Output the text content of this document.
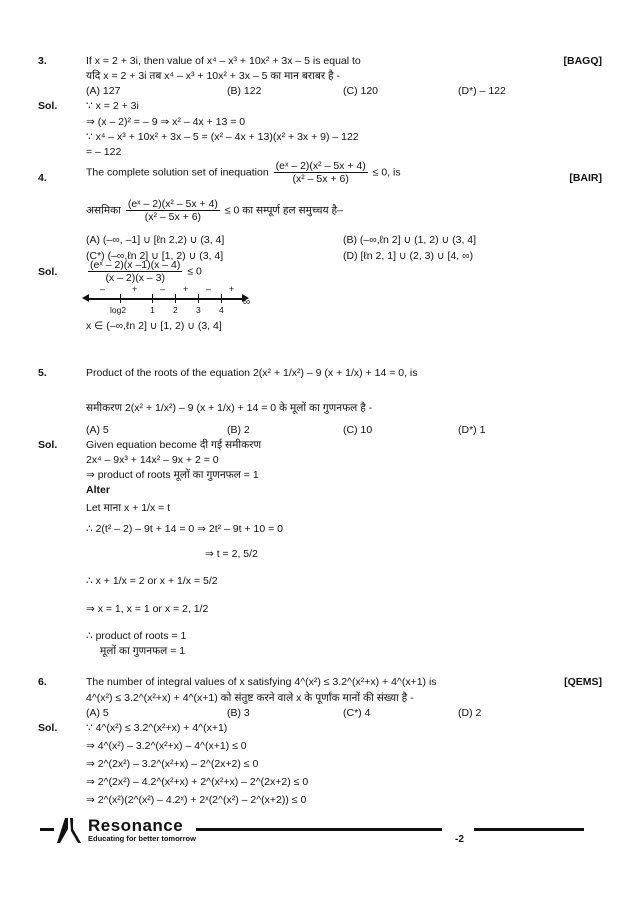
3.	If x = 2 + 3i, then value of x⁴ – x³ + 10x² + 3x – 5 is equal to	[BAGQ]
यदि x = 2 + 3i तब x⁴ – x³ + 10x² + 3x – 5 का मान बराबर है -
(A) 127	(B) 122	(C) 120	(D*) – 122
Sol.	∵ x = 2 + 3i
⇒ (x – 2)² = – 9 ⇒ x² – 4x + 13 = 0
∵ x⁴ – x³ + 10x² + 3x – 5 = (x² – 4x + 13)(x² + 3x + 9) – 122
= – 122
4.	The complete solution set of inequation $\frac{\text{(eˣ – 2)(x² – 5x + 4)}}{\text{(x² – 5x + 6)}} \le 0$, is	[BAIR]
असमिका $\frac{\text{(eˣ – 2)(x² – 5x + 4)}}{\text{(x² – 5x + 6)}} \le 0$ का सम्पूर्ण हल समुच्चय है–
(A) (–∞, –1] ∪ [ℓn 2,2) ∪ (3, 4]	(B) (–∞,ℓn 2] ∪ (1, 2) ∪ (3, 4]
(C*) (–∞,ℓn 2] ∪ [1, 2) ∪ (3, 4]	(D) [ℓn 2, 1] ∪ (2, 3) ∪ [4, ∞)
Sol.	$\frac{\text{(eˣ – 2)(x –1)(x – 4)}}{(x - 2)(x - 3)} \le 0$
log2	1 2 3 4
∞
–	+	– + – +
x ∈ (–∞,ℓn 2] ∪ [1, 2) ∪ (3, 4]
5.	Product of the roots of the equation 2(x² + 1/x²) – 9 (x + 1/x) + 14 = 0, is
समीकरण 2(x² + 1/x²) – 9 (x + 1/x) + 14 = 0 के मूलों का गुणनफल है -
(A) 5	(B) 2	(C) 10	(D*) 1
Sol.	Given equation become दी गई समीकरण
2x⁴ – 9x³ + 14x² – 9x + 2 = 0
⇒ product of roots मूलों का गुणनफल = 1
Alter
Let माना x + 1/x = t
∴ 2(t² – 2) – 9t + 14 = 0 ⇒ 2t² – 9t + 10 = 0
⇒ t = 2, 5/2
∴ x + 1/x = 2 or x + 1/x = 5/2
⇒ x = 1, x = 1 or x = 2, 1/2
∴ product of roots = 1
मूलों का गुणनफल = 1
6.	The number of integral values of x satisfying 4^(x²) ≤ 3.2^(x²+x) + 4^(x+1) is	[QEMS]
4^(x²) ≤ 3.2^(x²+x) + 4^(x+1) को संतुष्ट करने वाले x के पूर्णांक मानों की संख्या है -
(A) 5	(B) 3	(C*) 4	(D) 2
Sol.	∵ 4^(x²) ≤ 3.2^(x²+x) + 4^(x+1)
⇒ 4^(x²) – 3.2^(x²+x) – 4^(x+1) ≤ 0
⇒ 2^(2x²) – 3.2^(x²+x) – 2^(2x+2) ≤ 0
⇒ 2^(2x²) – 4.2^(x²+x) + 2^(x²+x) – 2^(2x+2) ≤ 0
⇒ 2^(x²)(2^(x²) – 4.2ˣ) + 2ˣ(2^(x²) – 2^(x+2)) ≤ 0
Resonance
Educating for better tomorrow	-2
